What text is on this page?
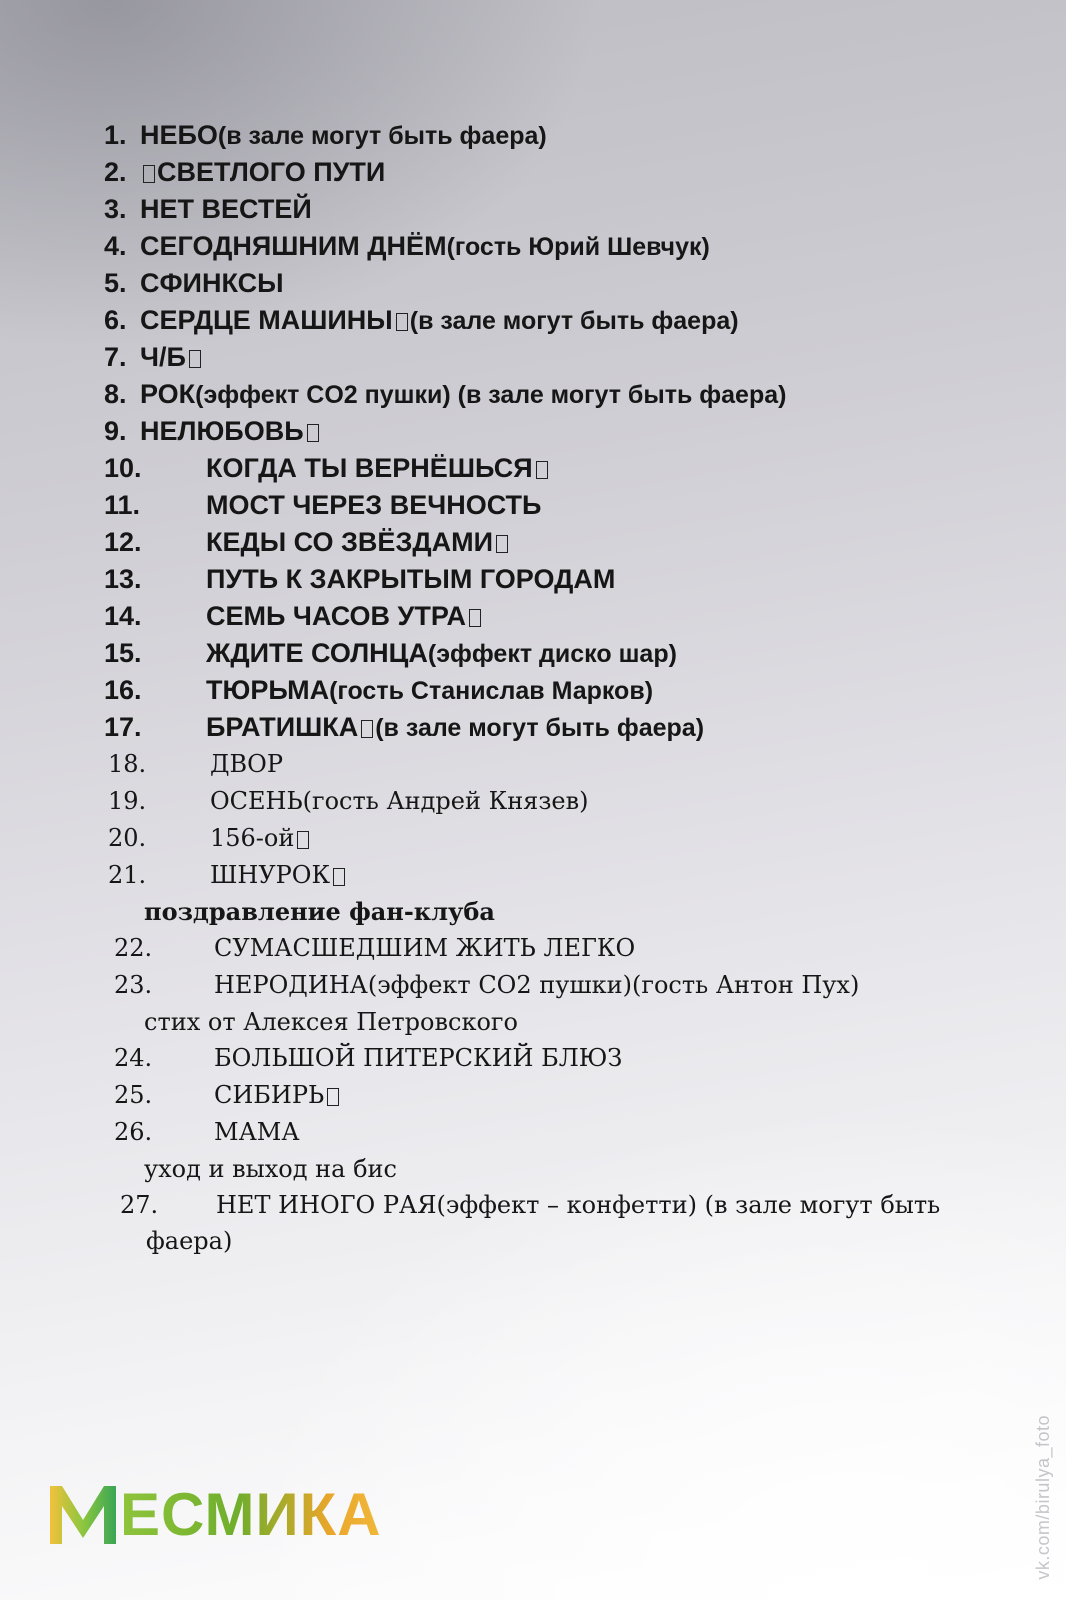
1. НЕБО(в зале могут быть фаера)
2. СВЕТЛОГО ПУТИ
3. НЕТ ВЕСТЕЙ
4. СЕГОДНЯШНИМ ДНЁМ(гость Юрий Шевчук)
5. СФИНКСЫ
6. СЕРДЦЕ МАШИНЫ (в зале могут быть фаера)
7. Ч/Б
8. РОК(эффект CO2 пушки) (в зале могут быть фаера)
9. НЕЛЮБОВЬ
10. КОГДА ТЫ ВЕРНЁШЬСЯ
11. МОСТ ЧЕРЕЗ ВЕЧНОСТЬ
12. КЕДЫ СО ЗВЁЗДАМИ
13. ПУТЬ К ЗАКРЫТЫМ ГОРОДАМ
14. СЕМЬ ЧАСОВ УТРА
15. ЖДИТЕ СОЛНЦА(эффект диско шар)
16. ТЮРЬМА(гость Станислав Марков)
17. БРАТИШКА (в зале могут быть фаера)
18.	ДВОР
19.	ОСЕНЬ(гость Андрей Князев)
20.	156-ой
21.	ШНУРОК
поздравление фан-клуба
22.	СУМАСШЕДШИМ ЖИТЬ ЛЕГКО
23.	НЕРОДИНА(эффект CO2 пушки)(гость Антон Пух)
стих от Алексея Петровского
24.	БОЛЬШОЙ ПИТЕРСКИЙ БЛЮЗ
25.	СИБИРЬ
26.	МАМА
уход и выход на бис
27. НЕТ ИНОГО РАЯ(эффект – конфетти) (в зале могут быть
фаера)
ЕСМИКА	vk.com/birulya_foto
